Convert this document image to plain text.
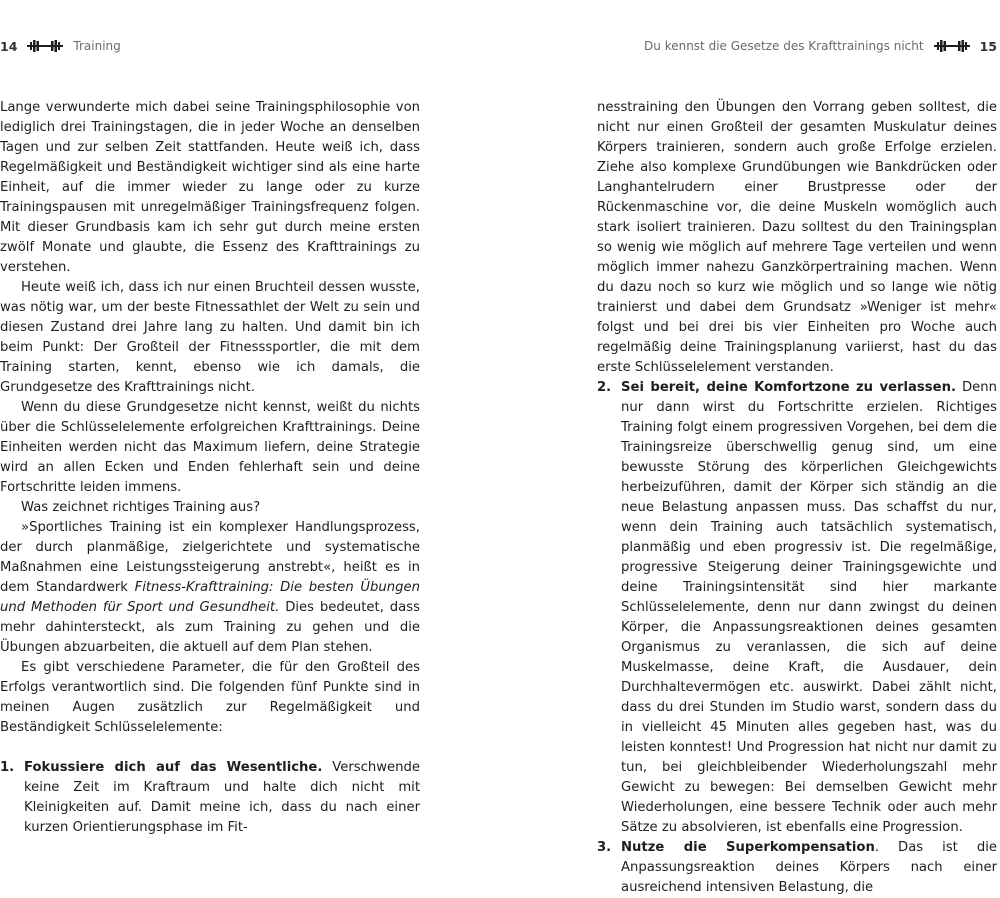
14	Training

Lange verwunderte mich dabei seine Trainingsphilosophie von lediglich drei Trainingstagen, die in jeder Woche an denselben Tagen und zur selben Zeit stattfanden. Heute weiß ich, dass Regelmäßigkeit und Beständigkeit wichtiger sind als eine harte Einheit, auf die immer wieder zu lange oder zu kurze Trainingspausen mit unregelmäßiger Trainingsfrequenz folgen. Mit dieser Grundbasis kam ich sehr gut durch meine ersten zwölf Monate und glaubte, die Essenz des Krafttrainings zu verstehen.

Heute weiß ich, dass ich nur einen Bruchteil dessen wusste, was nötig war, um der beste Fitnessathlet der Welt zu sein und diesen Zustand drei Jahre lang zu halten. Und damit bin ich beim Punkt: Der Großteil der Fitnesssportler, die mit dem Training starten, kennt, ebenso wie ich damals, die Grundgesetze des Krafttrainings nicht.

Wenn du diese Grundgesetze nicht kennst, weißt du nichts über die Schlüsselelemente erfolgreichen Krafttrainings. Deine Einheiten werden nicht das Maximum liefern, deine Strategie wird an allen Ecken und Enden fehlerhaft sein und deine Fortschritte leiden immens.

Was zeichnet richtiges Training aus?

»Sportliches Training ist ein komplexer Handlungsprozess, der durch planmäßige, zielgerichtete und systematische Maßnahmen eine Leistungssteigerung anstrebt«, heißt es in dem Standardwerk Fitness-Krafttraining: Die besten Übungen und Methoden für Sport und Gesundheit. Dies bedeutet, dass mehr dahintersteckt, als zum Training zu gehen und die Übungen abzuarbeiten, die aktuell auf dem Plan stehen.

Es gibt verschiedene Parameter, die für den Großteil des Erfolgs verantwortlich sind. Die folgenden fünf Punkte sind in meinen Augen zusätzlich zur Regelmäßigkeit und Beständigkeit Schlüsselelemente:

1. Fokussiere dich auf das Wesentliche. Verschwende keine Zeit im Kraftraum und halte dich nicht mit Kleinigkeiten auf. Damit meine ich, dass du nach einer kurzen Orientierungsphase im Fit-
Du kennst die Gesetze des Krafttrainings nicht	15

nesstraining den Übungen den Vorrang geben solltest, die nicht nur einen Großteil der gesamten Muskulatur deines Körpers trainieren, sondern auch große Erfolge erzielen. Ziehe also komplexe Grundübungen wie Bankdrücken oder Langhantelrudern einer Brustpresse oder der Rückenmaschine vor, die deine Muskeln womöglich auch stark isoliert trainieren. Dazu solltest du den Trainingsplan so wenig wie möglich auf mehrere Tage verteilen und wenn möglich immer nahezu Ganzkörpertraining machen. Wenn du dazu noch so kurz wie möglich und so lange wie nötig trainierst und dabei dem Grundsatz »Weniger ist mehr« folgst und bei drei bis vier Einheiten pro Woche auch regelmäßig deine Trainingsplanung variierst, hast du das erste Schlüsselelement verstanden.

2. Sei bereit, deine Komfortzone zu verlassen. Denn nur dann wirst du Fortschritte erzielen. Richtiges Training folgt einem progressiven Vorgehen, bei dem die Trainingsreize überschwellig genug sind, um eine bewusste Störung des körperlichen Gleichgewichts herbeizuführen, damit der Körper sich ständig an die neue Belastung anpassen muss. Das schaffst du nur, wenn dein Training auch tatsächlich systematisch, planmäßig und eben progressiv ist. Die regelmäßige, progressive Steigerung deiner Trainingsgewichte und deine Trainingsintensität sind hier markante Schlüsselelemente, denn nur dann zwingst du deinen Körper, die Anpassungsreaktionen deines gesamten Organismus zu veranlassen, die sich auf deine Muskelmasse, deine Kraft, die Ausdauer, dein Durchhaltevermögen etc. auswirkt. Dabei zählt nicht, dass du drei Stunden im Studio warst, sondern dass du in vielleicht 45 Minuten alles gegeben hast, was du leisten konntest! Und Progression hat nicht nur damit zu tun, bei gleichbleibender Wiederholungszahl mehr Gewicht zu bewegen: Bei demselben Gewicht mehr Wiederholungen, eine bessere Technik oder auch mehr Sätze zu absolvieren, ist ebenfalls eine Progression.
3. Nutze die Superkompensation. Das ist die Anpassungsreaktion deines Körpers nach einer ausreichend intensiven Belastung, die
